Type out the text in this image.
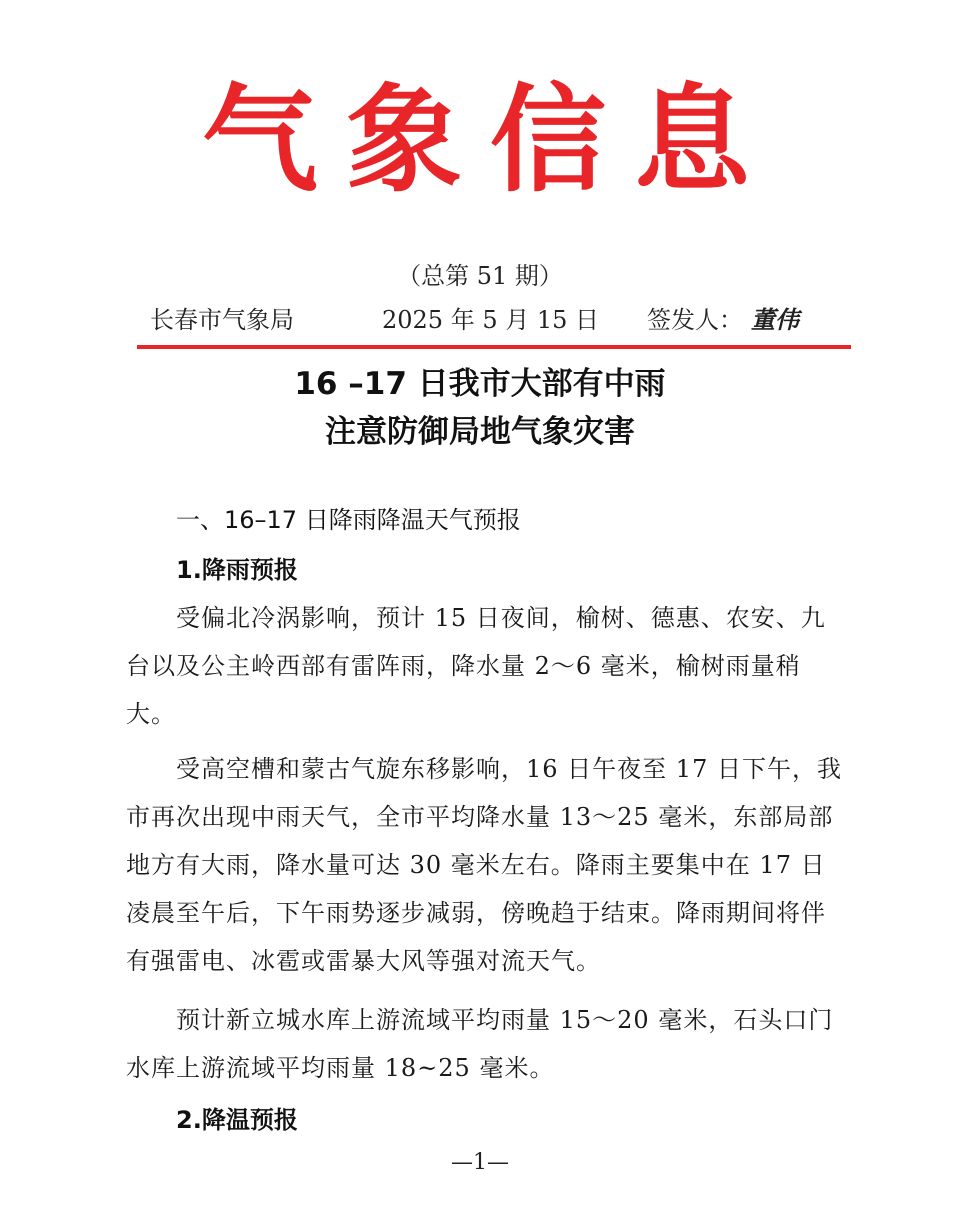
气象信息
（总第 51 期）
长春市气象局	2025 年 5 月 15 日 签发人： 董伟
16 –17 日我市大部有中雨
注意防御局地气象灾害
一、16–17 日降雨降温天气预报
1.降雨预报
受偏北冷涡影响，预计 15 日夜间，榆树、德惠、农安、九台以及公主岭西部有雷阵雨，降水量 2～6 毫米，榆树雨量稍大。
受高空槽和蒙古气旋东移影响，16 日午夜至 17 日下午，我市再次出现中雨天气，全市平均降水量 13～25 毫米，东部局部地方有大雨，降水量可达 30 毫米左右。降雨主要集中在 17 日凌晨至午后，下午雨势逐步减弱，傍晚趋于结束。降雨期间将伴有强雷电、冰雹或雷暴大风等强对流天气。
预计新立城水库上游流域平均雨量 15～20 毫米，石头口门水库上游流域平均雨量 18~25 毫米。
2.降温预报
—1—
